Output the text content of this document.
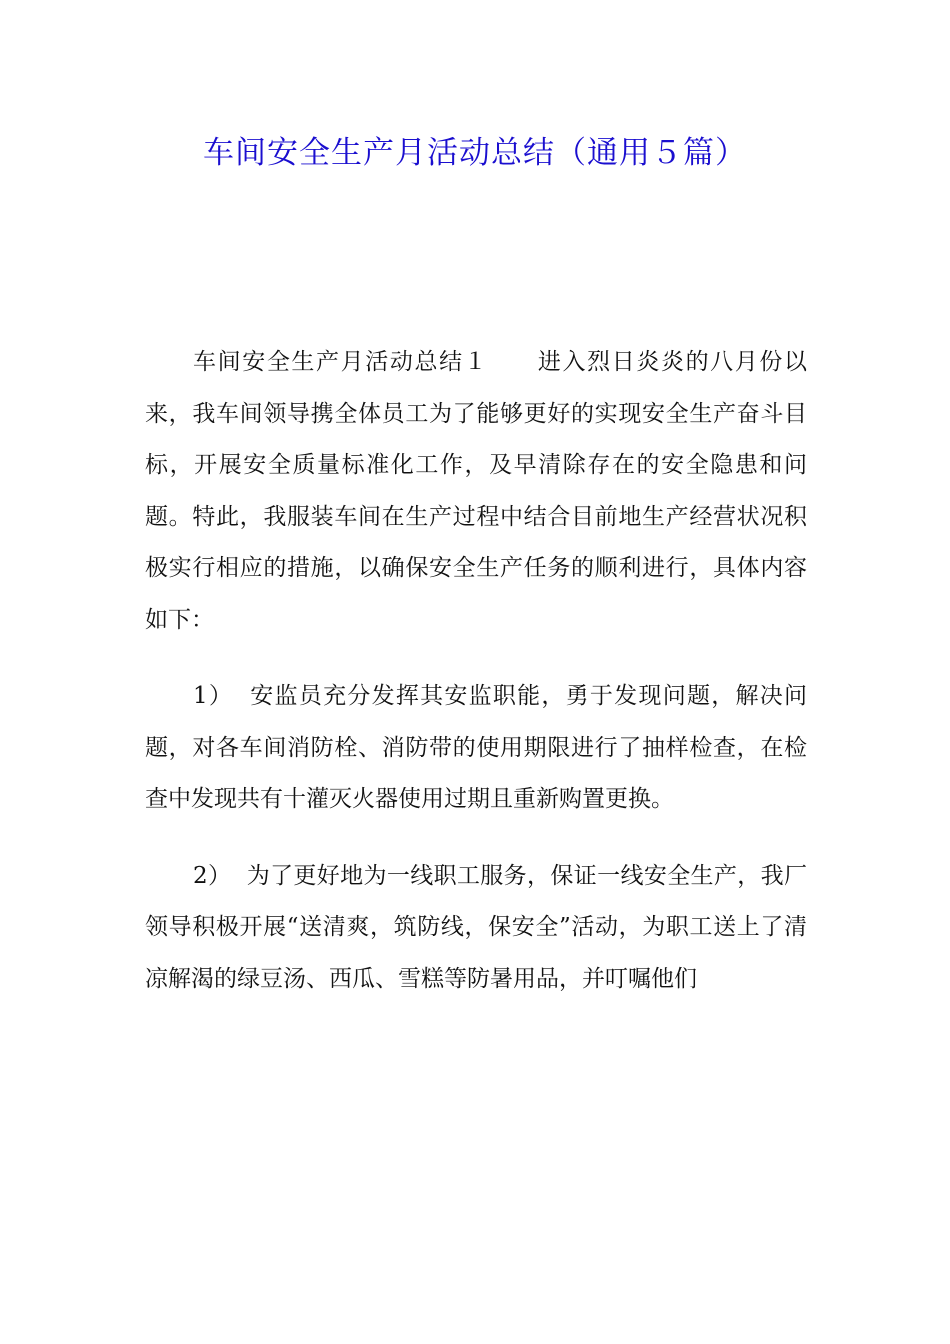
车间安全生产月活动总结（通用５篇）

车间安全生产月活动总结１ 进入烈日炎炎的八月份以来，我车间领导携全体员工为了能够更好的实现安全生产奋斗目标，开展安全质量标准化工作，及早清除存在的安全隐患和问题。特此，我服装车间在生产过程中结合目前地生产经营状况积极实行相应的措施，以确保安全生产任务的顺利进行，具体内容如下：

1） 安监员充分发挥其安监职能，勇于发现问题，解决问题，对各车间消防栓、消防带的使用期限进行了抽样检查，在检查中发现共有十灌灭火器使用过期且重新购置更换。

2） 为了更好地为一线职工服务，保证一线安全生产，我厂领导积极开展“送清爽，筑防线，保安全”活动，为职工送上了清凉解渴的绿豆汤、西瓜、雪糕等防暑用品，并叮嘱他们
